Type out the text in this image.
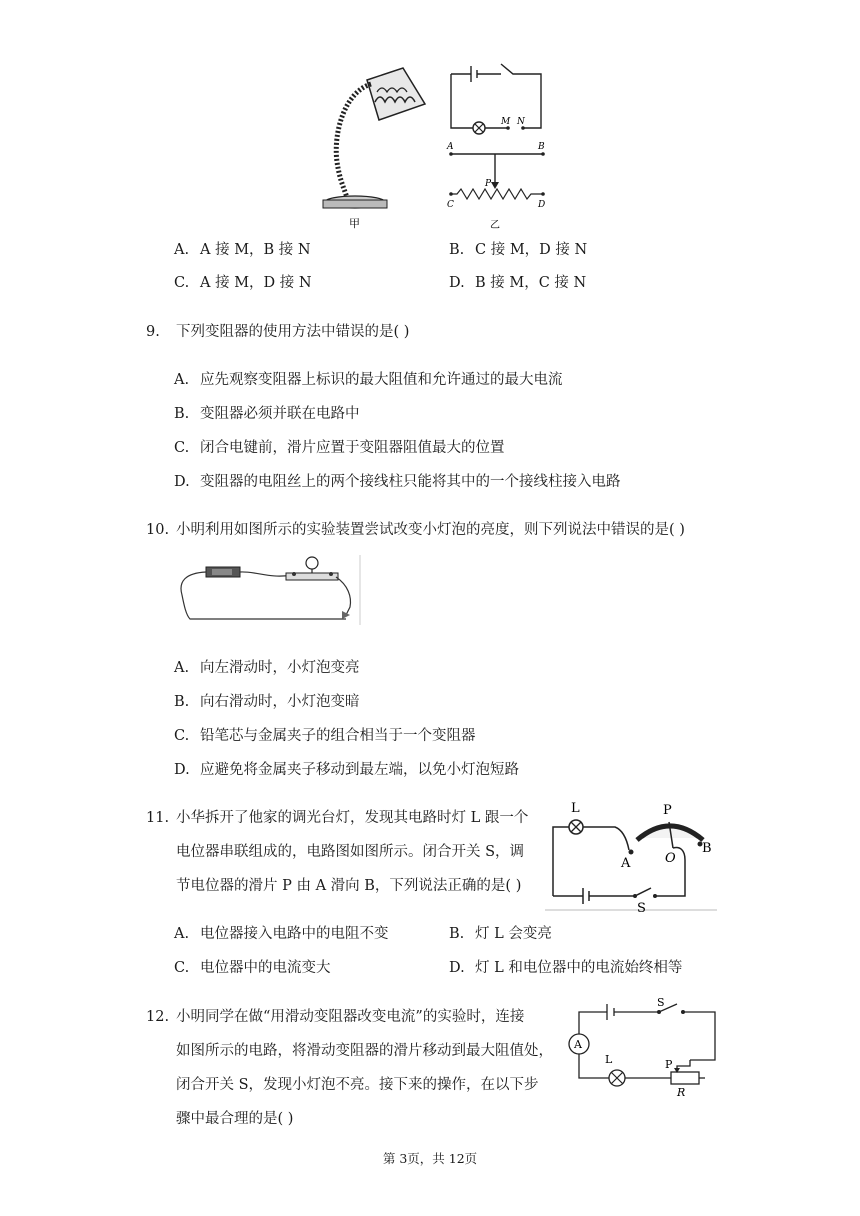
甲
M N
A	B
P
C	D
乙
A. A 接 M，B 接 N	B. C 接 M，D 接 N
C. A 接 M，D 接 N	D. B 接 M，C 接 N
9. 下列变阻器的使用方法中错误的是( )
A. 应先观察变阻器上标识的最大阻值和允许通过的最大电流
B. 变阻器必须并联在电路中
C. 闭合电键前，滑片应置于变阻器阻值最大的位置
D. 变阻器的电阻丝上的两个接线柱只能将其中的一个接线柱接入电路
10. 小明利用如图所示的实验装置尝试改变小灯泡的亮度，则下列说法中错误的是( )
A. 向左滑动时，小灯泡变亮
B. 向右滑动时，小灯泡变暗
C. 铅笔芯与金属夹子的组合相当于一个变阻器
D. 应避免将金属夹子移动到最左端，以免小灯泡短路
11. 小华拆开了他家的调光台灯，发现其电路时灯 L 跟一个
电位器串联组成的，电路图如图所示。闭合开关 S，调
节电位器的滑片 P 由 A 滑向 B，下列说法正确的是( )
L	P
A
B
O
S
A. 电位器接入电路中的电阻不变	B. 灯 L 会变亮
C. 电位器中的电流变大	D. 灯 L 和电位器中的电流始终相等
12. 小明同学在做“用滑动变阻器改变电流”的实验时，连接
如图所示的电路，将滑动变阻器的滑片移动到最大阻值处，
闭合开关 S，发现小灯泡不亮。接下来的操作，在以下步
骤中最合理的是( )
S
A
L	P
R
第 3页，共 12页
